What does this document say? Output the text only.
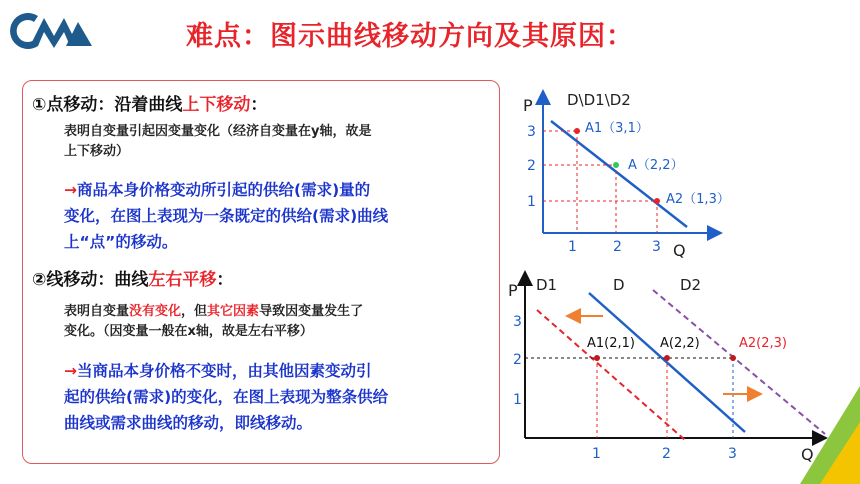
难点：图示曲线移动方向及其原因：
①点移动：沿着曲线上下移动：
表明自变量引起因变量变化（经济自变量在y轴，故是
上下移动）
→商品本身价格变动所引起的供给(需求)量的
变化，在图上表现为一条既定的供给(需求)曲线
上“点”的移动。
②线移动：曲线左右平移：
表明自变量没有变化，但其它因素导致因变量发生了
变化。（因变量一般在x轴，故是左右平移）
→当商品本身价格不变时，由其他因素变动引
起的供给(需求)的变化，在图上表现为整条供给
曲线或需求曲线的移动，即线移动。
P
Q
D\D1\D2
A1（3,1）
A（2,2）
A2（1,3）
3
2
1
1	2 3
P
Q
D1	D	D2
A1(2,1) A(2,2)	A2(2,3)
3
2
1
1	2	3
